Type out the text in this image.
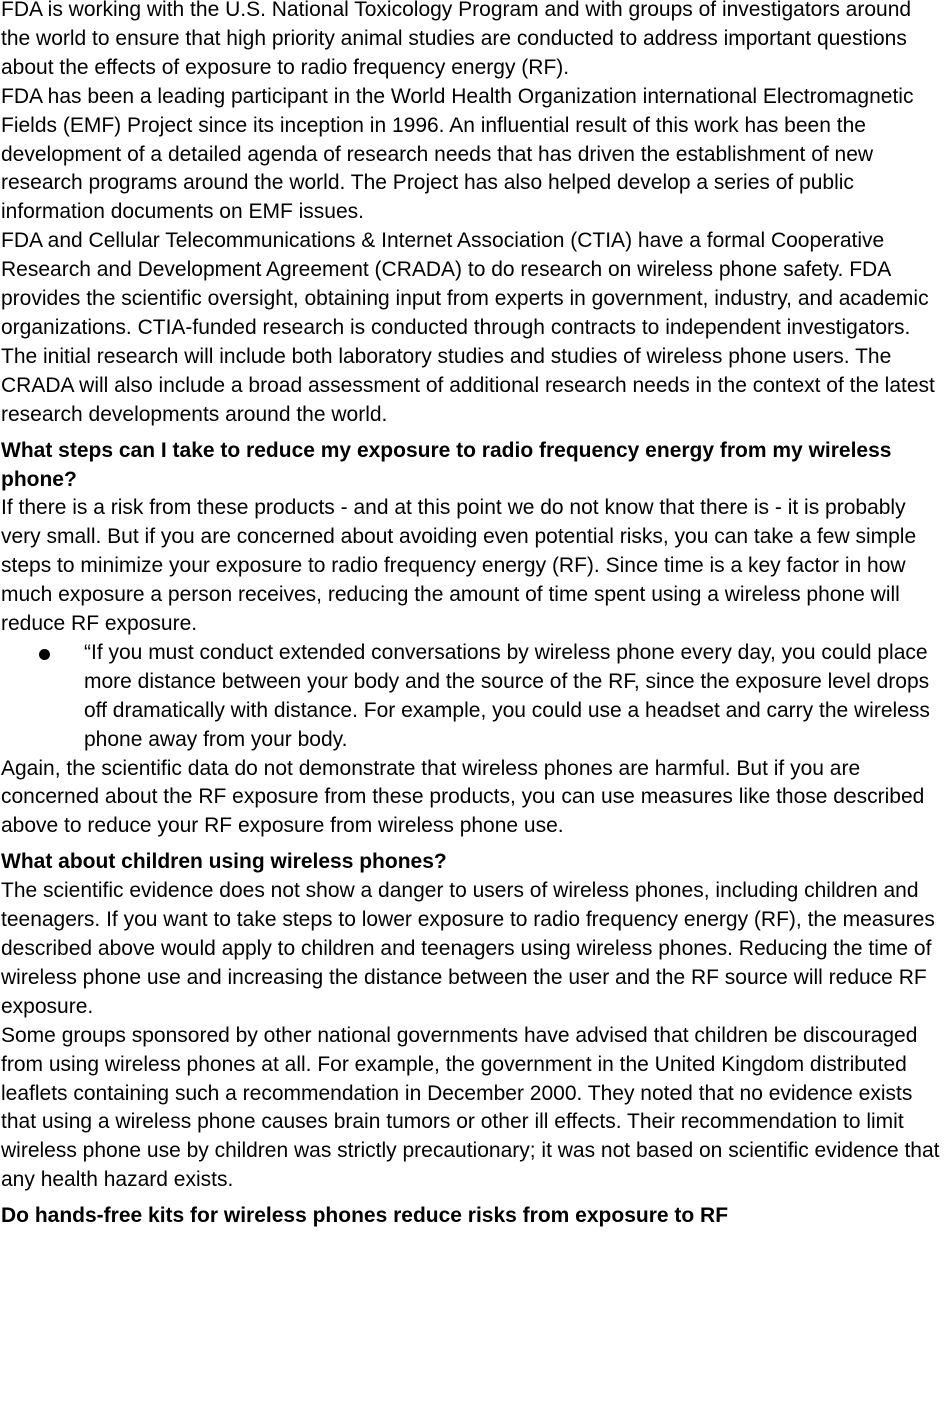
FDA is working with the U.S. National Toxicology Program and with groups of investigators around the world to ensure that high priority animal studies are conducted to address important questions about the effects of exposure to radio frequency energy (RF).

FDA has been a leading participant in the World Health Organization international Electromagnetic Fields (EMF) Project since its inception in 1996. An influential result of this work has been the development of a detailed agenda of research needs that has driven the establishment of new research programs around the world. The Project has also helped develop a series of public information documents on EMF issues.

FDA and Cellular Telecommunications & Internet Association (CTIA) have a formal Cooperative Research and Development Agreement (CRADA) to do research on wireless phone safety. FDA provides the scientific oversight, obtaining input from experts in government, industry, and academic organizations. CTIA-funded research is conducted through contracts to independent investigators. The initial research will include both laboratory studies and studies of wireless phone users. The CRADA will also include a broad assessment of additional research needs in the context of the latest research developments around the world.

What steps can I take to reduce my exposure to radio frequency energy from my wireless phone?

If there is a risk from these products - and at this point we do not know that there is - it is probably very small. But if you are concerned about avoiding even potential risks, you can take a few simple steps to minimize your exposure to radio frequency energy (RF). Since time is a key factor in how much exposure a person receives, reducing the amount of time spent using a wireless phone will reduce RF exposure.

“If you must conduct extended conversations by wireless phone every day, you could place more distance between your body and the source of the RF, since the exposure level drops off dramatically with distance. For example, you could use a headset and carry the wireless phone away from your body.

Again, the scientific data do not demonstrate that wireless phones are harmful. But if you are concerned about the RF exposure from these products, you can use measures like those described above to reduce your RF exposure from wireless phone use.

What about children using wireless phones?

The scientific evidence does not show a danger to users of wireless phones, including children and teenagers. If you want to take steps to lower exposure to radio frequency energy (RF), the measures described above would apply to children and teenagers using wireless phones. Reducing the time of wireless phone use and increasing the distance between the user and the RF source will reduce RF exposure.

Some groups sponsored by other national governments have advised that children be discouraged from using wireless phones at all. For example, the government in the United Kingdom distributed leaflets containing such a recommendation in December 2000. They noted that no evidence exists that using a wireless phone causes brain tumors or other ill effects. Their recommendation to limit wireless phone use by children was strictly precautionary; it was not based on scientific evidence that any health hazard exists.

Do hands-free kits for wireless phones reduce risks from exposure to RF
